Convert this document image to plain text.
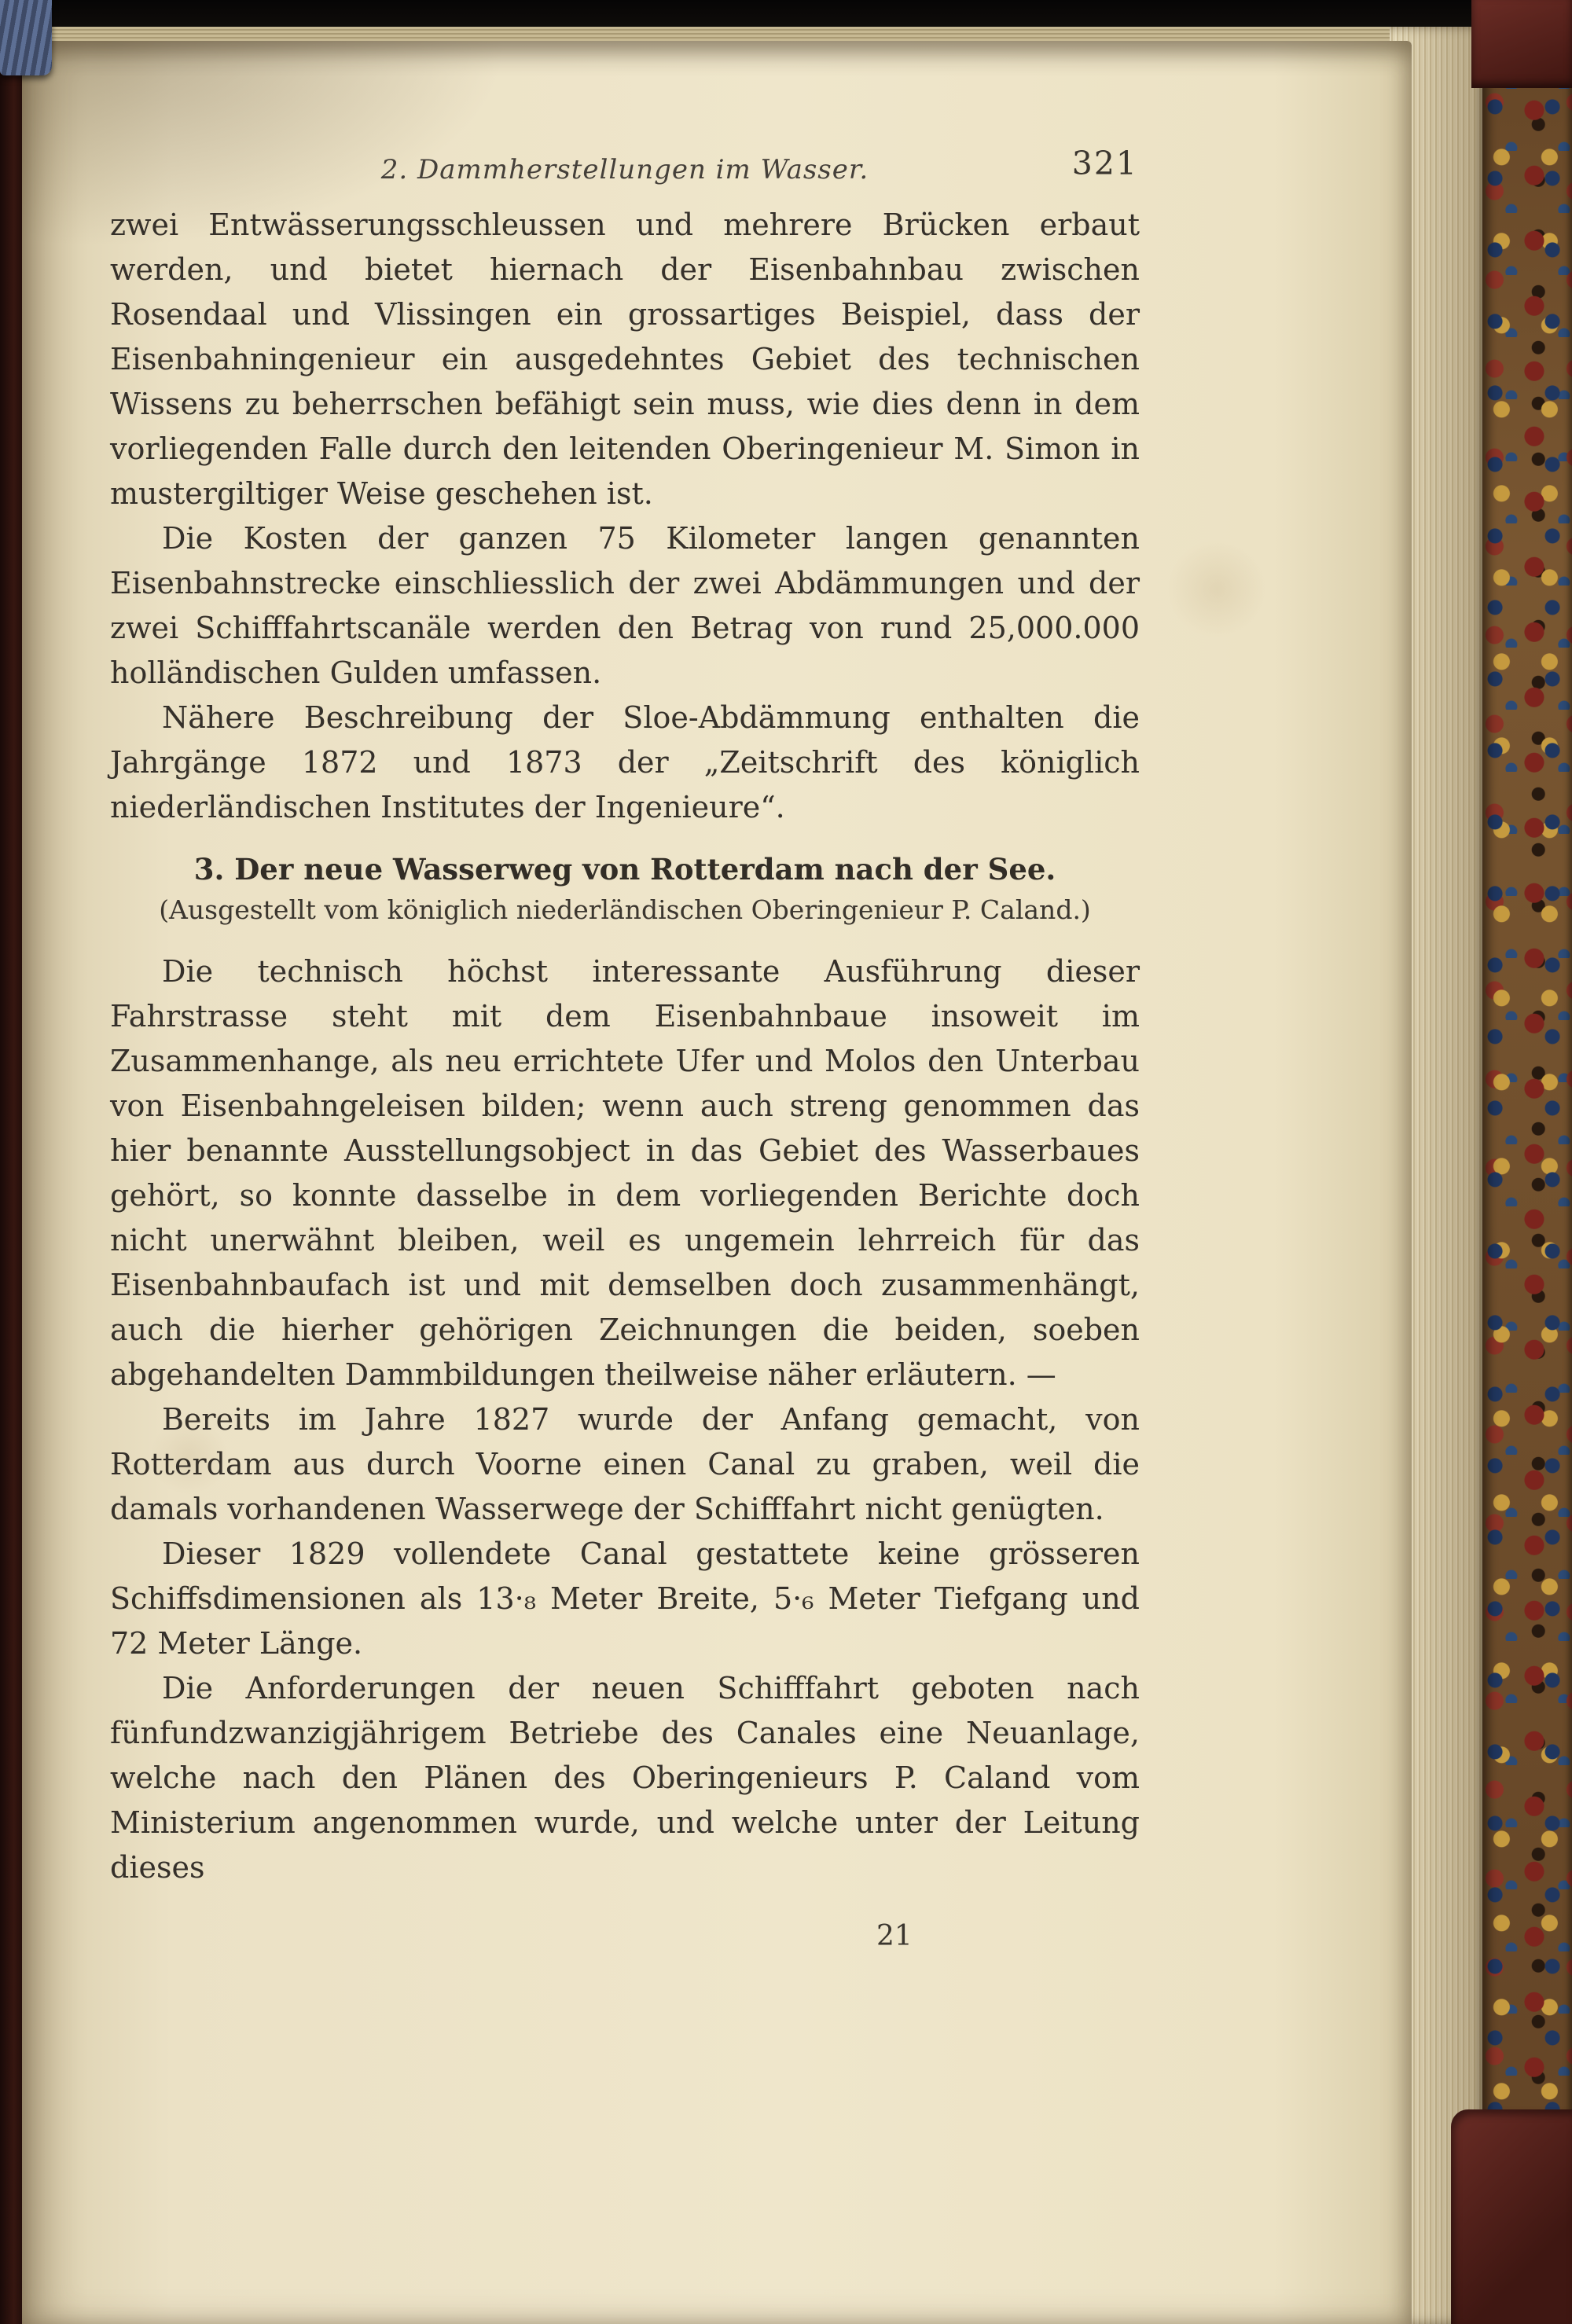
2. Dammherstellungen im Wasser.	321

zwei Entwässerungsschleussen und mehrere Brücken erbaut werden, und bietet hiernach der Eisenbahnbau zwischen Rosendaal und Vlissingen ein grossartiges Beispiel, dass der Eisenbahningenieur ein ausgedehntes Gebiet des technischen Wissens zu beherrschen befähigt sein muss, wie dies denn in dem vorliegenden Falle durch den leitenden Oberingenieur M. Simon in mustergiltiger Weise geschehen ist.

Die Kosten der ganzen 75 Kilometer langen genannten Eisenbahnstrecke einschliesslich der zwei Abdämmungen und der zwei Schifffahrtscanäle werden den Betrag von rund 25,000.000 holländischen Gulden umfassen.

Nähere Beschreibung der Sloe-Abdämmung enthalten die Jahrgänge 1872 und 1873 der „Zeitschrift des königlich niederländischen Institutes der Ingenieure“.

3. Der neue Wasserweg von Rotterdam nach der See.
(Ausgestellt vom königlich niederländischen Oberingenieur P. Caland.)

Die technisch höchst interessante Ausführung dieser Fahrstrasse steht mit dem Eisenbahnbaue insoweit im Zusammenhange, als neu errichtete Ufer und Molos den Unterbau von Eisenbahngeleisen bilden; wenn auch streng genommen das hier benannte Ausstellungsobject in das Gebiet des Wasserbaues gehört, so konnte dasselbe in dem vorliegenden Berichte doch nicht unerwähnt bleiben, weil es ungemein lehrreich für das Eisenbahnbaufach ist und mit demselben doch zusammenhängt, auch die hierher gehörigen Zeichnungen die beiden, soeben abgehandelten Dammbildungen theilweise näher erläutern. —

Bereits im Jahre 1827 wurde der Anfang gemacht, von Rotterdam aus durch Voorne einen Canal zu graben, weil die damals vorhandenen Wasserwege der Schifffahrt nicht genügten.

Dieser 1829 vollendete Canal gestattete keine grösseren Schiffsdimensionen als 13·₈ Meter Breite, 5·₆ Meter Tiefgang und 72 Meter Länge.

Die Anforderungen der neuen Schifffahrt geboten nach fünfundzwanzigjährigem Betriebe des Canales eine Neuanlage, welche nach den Plänen des Oberingenieurs P. Caland vom Ministerium angenommen wurde, und welche unter der Leitung dieses

21
